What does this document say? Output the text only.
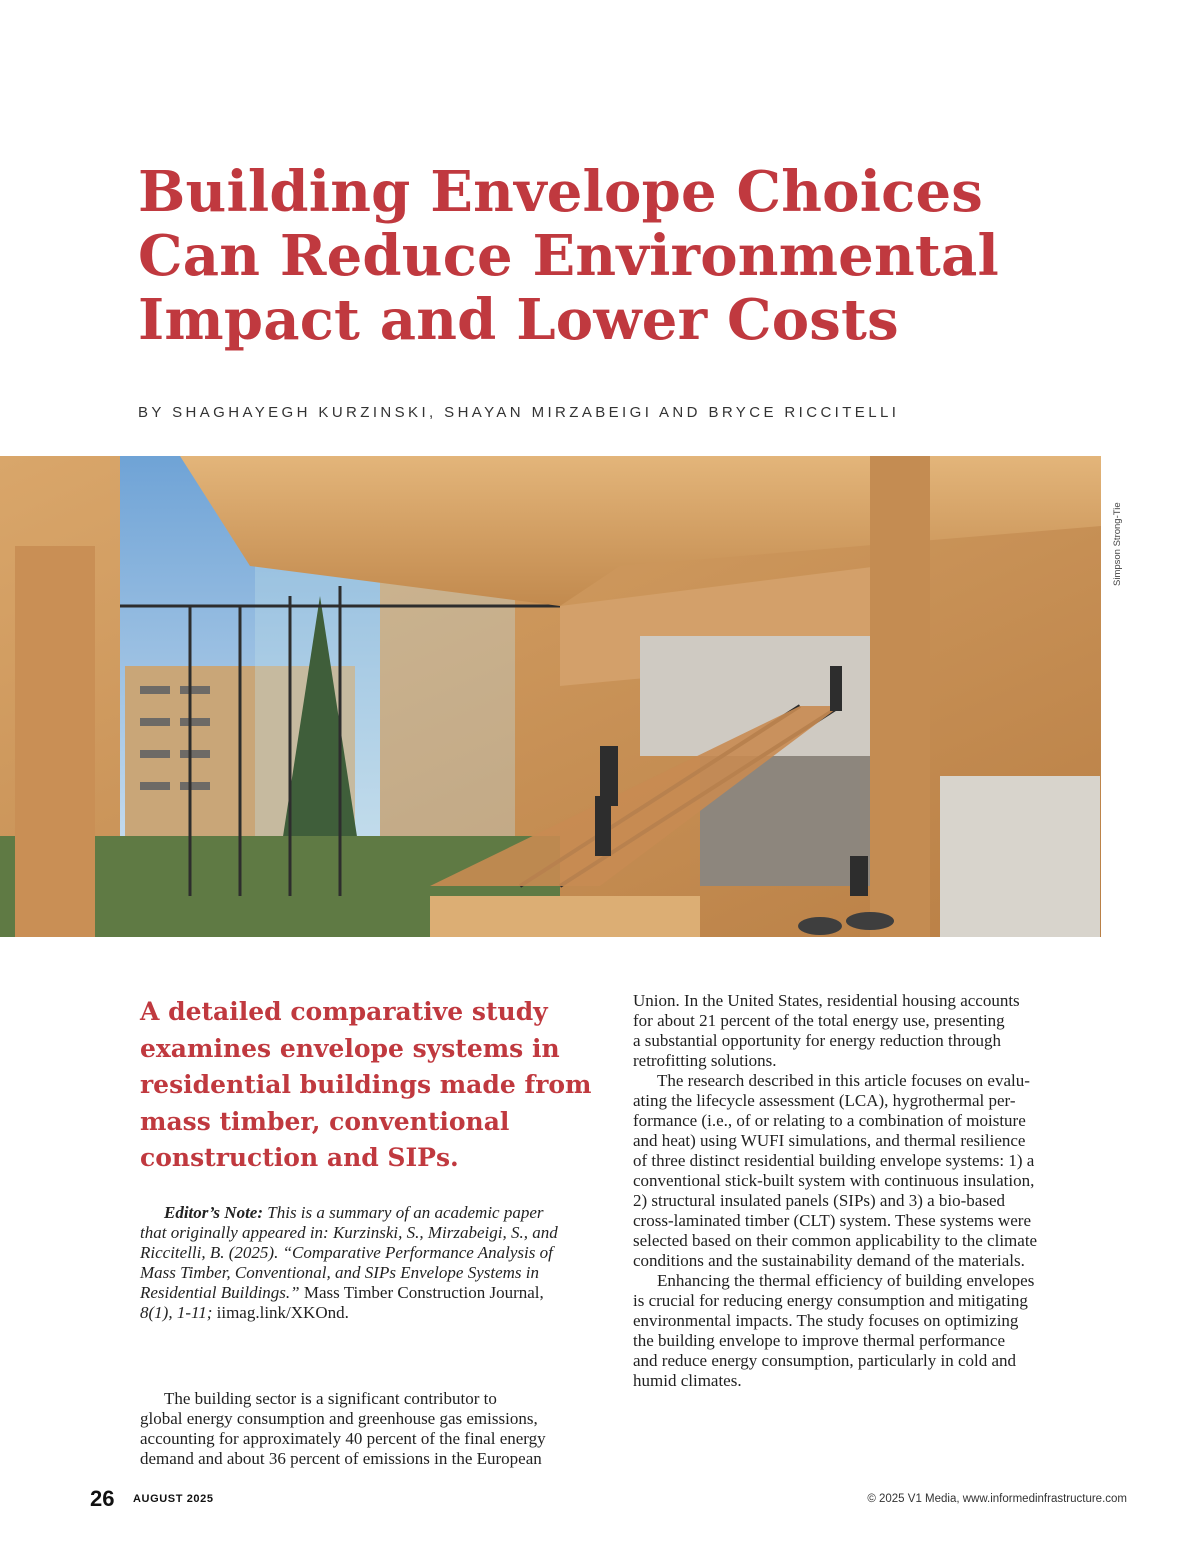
Building Envelope Choices
Can Reduce Environmental
Impact and Lower Costs
BY SHAGHAYEGH KURZINSKI, SHAYAN MIRZABEIGI AND BRYCE RICCITELLI
Simpson Strong-Tie
A detailed comparative study
examines envelope systems in
residential buildings made from
mass timber, conventional
construction and SIPs.
Editor’s Note: This is a summary of an academic paper
that originally appeared in: Kurzinski, S., Mirzabeigi, S., and
Riccitelli, B. (2025). “Comparative Performance Analysis of
Mass Timber, Conventional, and SIPs Envelope Systems in
Residential Buildings.” Mass Timber Construction Journal,
8(1), 1-11; iimag.link/XKOnd.
The building sector is a significant contributor to
global energy consumption and greenhouse gas emissions,
accounting for approximately 40 percent of the final energy
demand and about 36 percent of emissions in the European
Union. In the United States, residential housing accounts
for about 21 percent of the total energy use, presenting
a substantial opportunity for energy reduction through
retrofitting solutions.
The research described in this article focuses on evalu-
ating the lifecycle assessment (LCA), hygrothermal per-
formance (i.e., of or relating to a combination of moisture
and heat) using WUFI simulations, and thermal resilience
of three distinct residential building envelope systems: 1) a
conventional stick-built system with continuous insulation,
2) structural insulated panels (SIPs) and 3) a bio-based
cross-laminated timber (CLT) system. These systems were
selected based on their common applicability to the climate
conditions and the sustainability demand of the materials.
Enhancing the thermal efficiency of building envelopes
is crucial for reducing energy consumption and mitigating
environmental impacts. The study focuses on optimizing
the building envelope to improve thermal performance
and reduce energy consumption, particularly in cold and
humid climates.
26 AUGUST 2025	© 2025 V1 Media, www.informedinfrastructure.com
